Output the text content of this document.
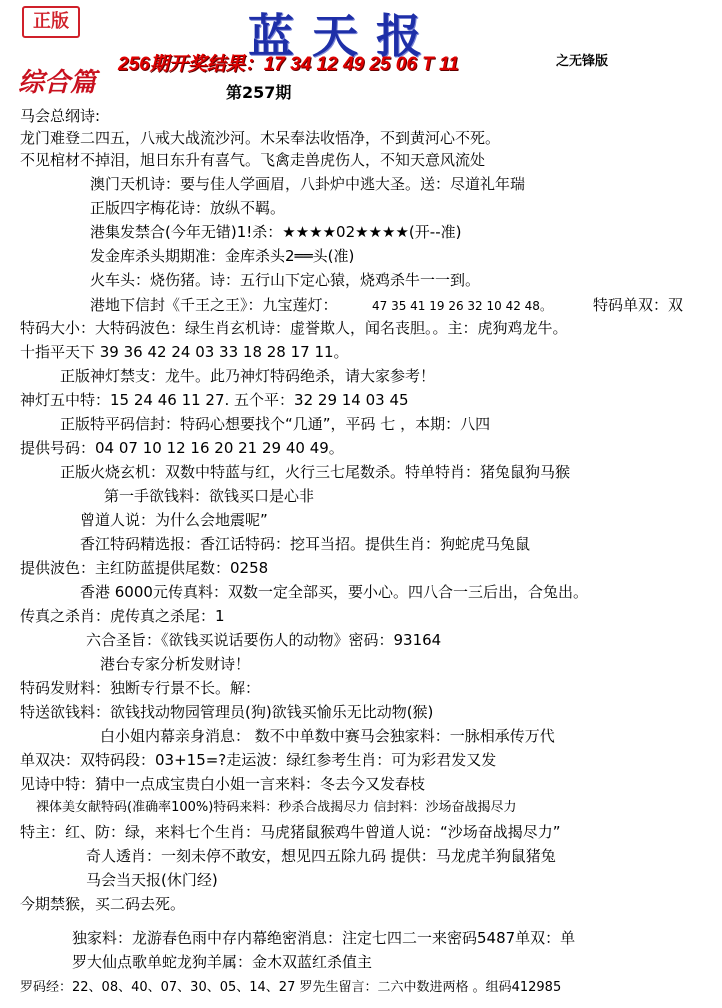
正版	蓝天报
256期开奖结果：17 34 12 49 25 06 T 11	之无锋版
综合篇	第257期
马会总纲诗:
龙门难登二四五，八戒大战流沙河。木呆奉法收悟净，不到黄河心不死。
不见棺材不掉泪，旭日东升有喜气。飞禽走兽虎伤人，不知天意风流处
澳门天机诗：要与佳人学画眉，八卦炉中逃大圣。送：尽道礼年瑞
正版四字梅花诗：放纵不羁。
港集发禁合(今年无错)1!杀：★★★★02★★★★(开--准)
发金库杀头期期准：金库杀头2══头(准)
火车头：烧伤猪。诗：五行山下定心猿，烧鸡杀牛一一到。
港地下信封《千王之王》：九宝莲灯：	47 35 41 19 26 32 10 42 48。	特码单双：双
特码大小：大特码波色：绿生肖玄机诗：虚誉欺人，闻名丧胆。。主：虎狗鸡龙牛。
十指平天下 39 36 42 24 03 33 18 28 17 11。
正版神灯禁支：龙牛。此乃神灯特码绝杀，请大家参考！
神灯五中特：15 24 46 11 27. 五个平：32 29 14 03 45
正版特平码信封：特码心想要找个“几通”，平码 七 ，本期：八四
提供号码：04 07 10 12 16 20 21 29 40 49。
正版火烧玄机：双数中特蓝与红，火行三七尾数杀。特单特肖：猪兔鼠狗马猴
第一手欲钱料：欲钱买口是心非
曾道人说：为什么会地震呢”
香江特码精选报：香江话特码：挖耳当招。提供生肖：狗蛇虎马兔鼠
提供波色：主红防蓝提供尾数：0258
香港 6000元传真料：双数一定全部买，要小心。四八合一三后出，合兔出。
传真之杀肖：虎传真之杀尾：1
六合圣旨：《欲钱买说话要伤人的动物》密码：93164
港台专家分析发财诗！
特码发财料：独断专行景不长。解：
特送欲钱料：欲钱找动物园管理员(狗)欲钱买愉乐无比动物(猴)
白小姐内幕亲身消息： 数不中单数中赛马会独家料：一脉相承传万代
单双决：双特码段：03+15=?走运波：绿红参考生肖：可为彩君发又发
见诗中特：猜中一点成宝贵白小姐一言来料：冬去今又发春枝
裸体美女献特码(准确率100%)特码来料：秒杀合战揭尽力 信封料：沙场奋战揭尽力
特主：红、防：绿，来料七个生肖：马虎猪鼠猴鸡牛曾道人说：“沙场奋战揭尽力”
奇人透肖：一刻未停不敢安，想见四五除九码 提供：马龙虎羊狗鼠猪兔
马会当天报(休门经)
今期禁猴，买二码去死。
独家料：龙游春色雨中存内幕绝密消息：注定七四二一来密码5487单双：单
罗大仙点歌单蛇龙狗羊属：金木双蓝红杀值主
罗码经：22、08、40、07、30、05、14、27 罗先生留言：二六中数进两格 。组码412985
